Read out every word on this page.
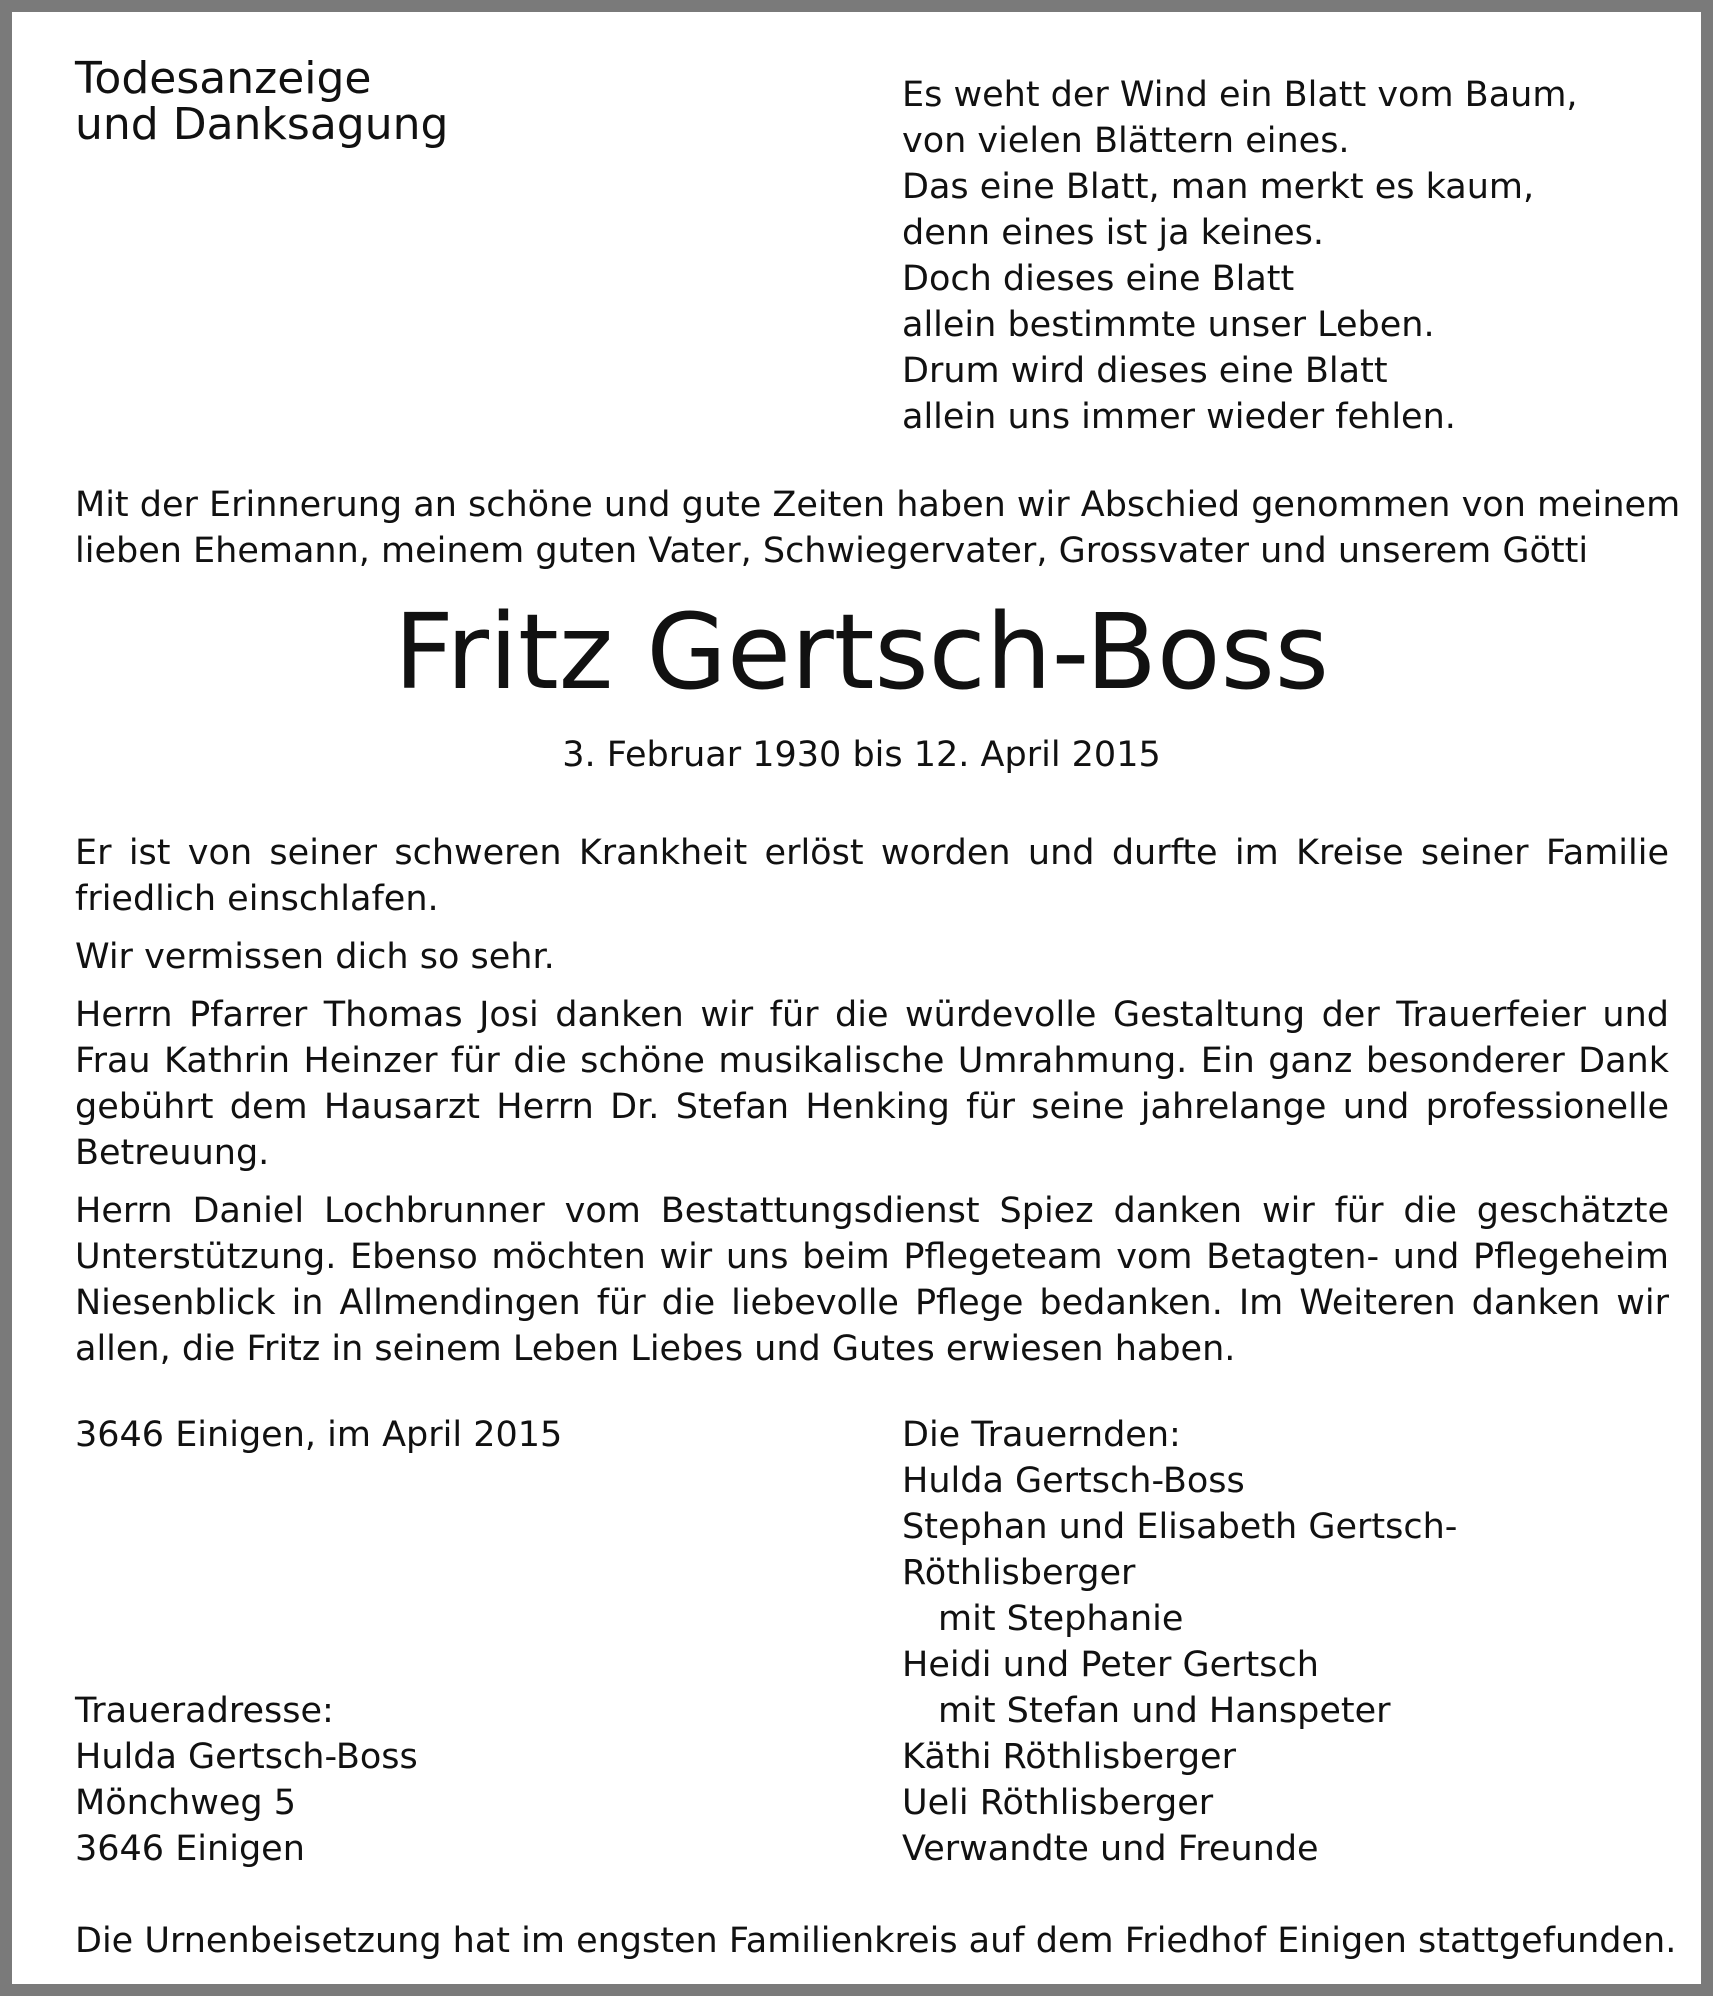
Todesanzeige
und Danksagung
Es weht der Wind ein Blatt vom Baum,
von vielen Blättern eines.
Das eine Blatt, man merkt es kaum,
denn eines ist ja keines.
Doch dieses eine Blatt
allein bestimmte unser Leben.
Drum wird dieses eine Blatt
allein uns immer wieder fehlen.
Mit der Erinnerung an schöne und gute Zeiten haben wir Abschied genommen von meinem
lieben Ehemann, meinem guten Vater, Schwiegervater, Grossvater und unserem Götti
Fritz Gertsch-Boss
3. Februar 1930 bis 12. April 2015
Er ist von seiner schweren Krankheit erlöst worden und durfte im Kreise seiner Familie friedlich einschlafen.
Wir vermissen dich so sehr.
Herrn Pfarrer Thomas Josi danken wir für die würdevolle Gestaltung der Trauerfeier und Frau Kathrin Heinzer für die schöne musikalische Umrahmung. Ein ganz besonderer Dank gebührt dem Hausarzt Herrn Dr. Stefan Henking für seine jahrelange und professionelle Betreuung.
Herrn Daniel Lochbrunner vom Bestattungsdienst Spiez danken wir für die geschätzte Unterstützung. Ebenso möchten wir uns beim Pflegeteam vom Betagten- und Pflegeheim Niesenblick in Allmendingen für die liebevolle Pflege bedanken. Im Weiteren danken wir allen, die Fritz in seinem Leben Liebes und Gutes erwiesen haben.
3646 Einigen, im April 2015	Die Trauernden:
Hulda Gertsch-Boss
Stephan und Elisabeth Gertsch-
Röthlisberger
mit Stephanie
Heidi und Peter Gertsch
mit Stefan und Hanspeter
Käthi Röthlisberger
Ueli Röthlisberger
Verwandte und Freunde
Traueradresse:
Hulda Gertsch-Boss
Mönchweg 5
3646 Einigen
Die Urnenbeisetzung hat im engsten Familienkreis auf dem Friedhof Einigen stattgefunden.
